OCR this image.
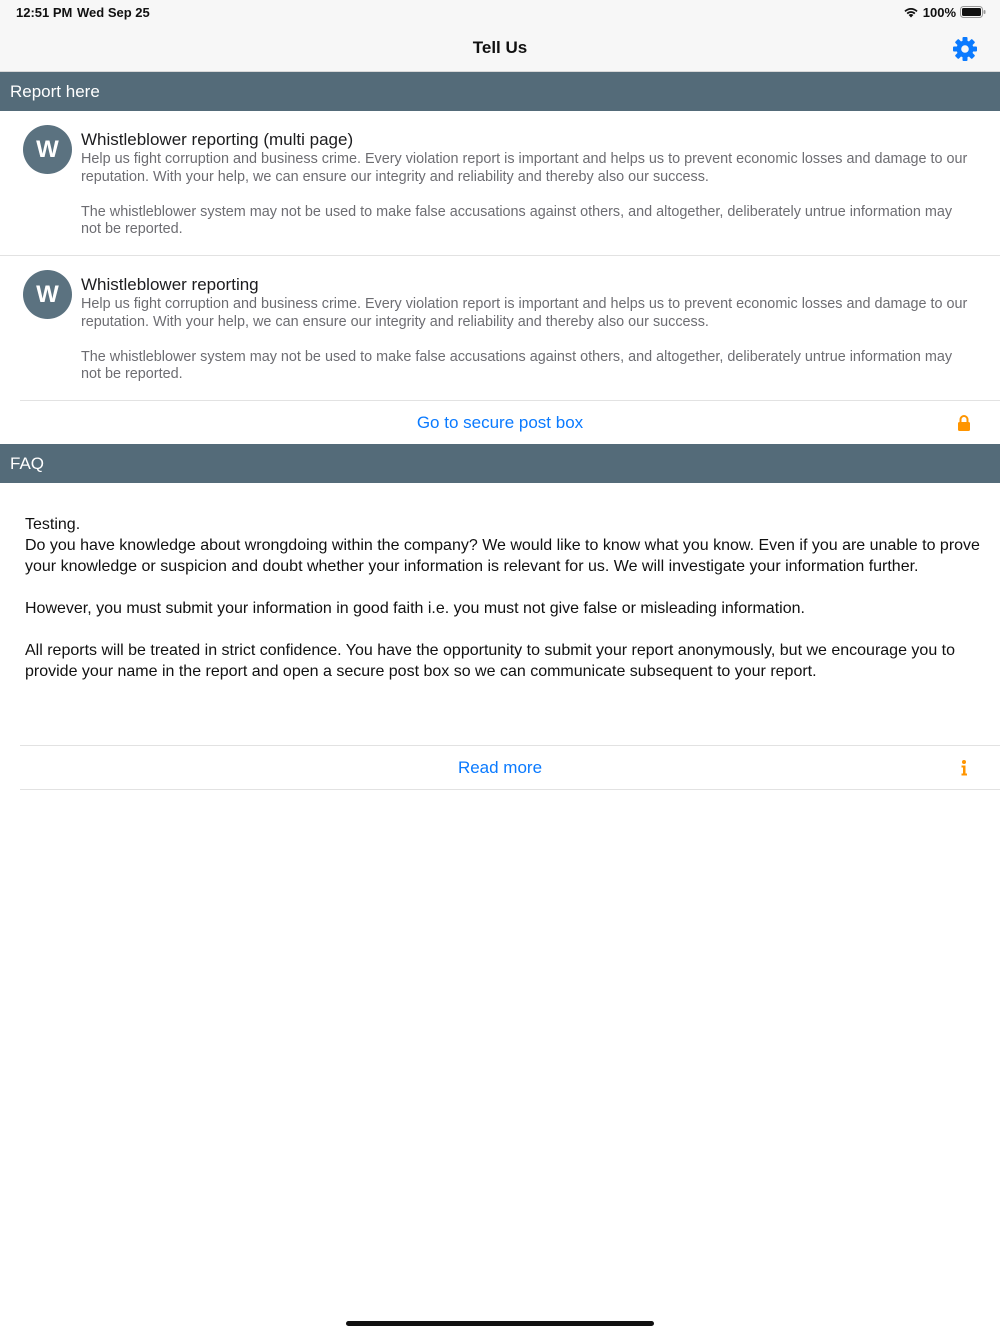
12:51 PM Wed Sep 25	100%
Tell Us
Report here
W	Whistleblower reporting (multi page)

Help us fight corruption and business crime. Every violation report is important and helps us to prevent economic losses and damage to our reputation. With your help, we can ensure our integrity and reliability and thereby also our success.

The whistleblower system may not be used to make false accusations against others, and altogether, deliberately untrue information may not be reported.

W	Whistleblower reporting

Help us fight corruption and business crime. Every violation report is important and helps us to prevent economic losses and damage to our reputation. With your help, we can ensure our integrity and reliability and thereby also our success.

The whistleblower system may not be used to make false accusations against others, and altogether, deliberately untrue information may not be reported.

Go to secure post box
FAQ

Testing.
Do you have knowledge about wrongdoing within the company? We would like to know what you know. Even if you are unable to prove your knowledge or suspicion and doubt whether your information is relevant for us. We will investigate your information further.

However, you must submit your information in good faith i.e. you must not give false or misleading information.

All reports will be treated in strict confidence. You have the opportunity to submit your report anonymously, but we encourage you to provide your name in the report and open a secure post box so we can communicate subsequent to your report.

Read more
